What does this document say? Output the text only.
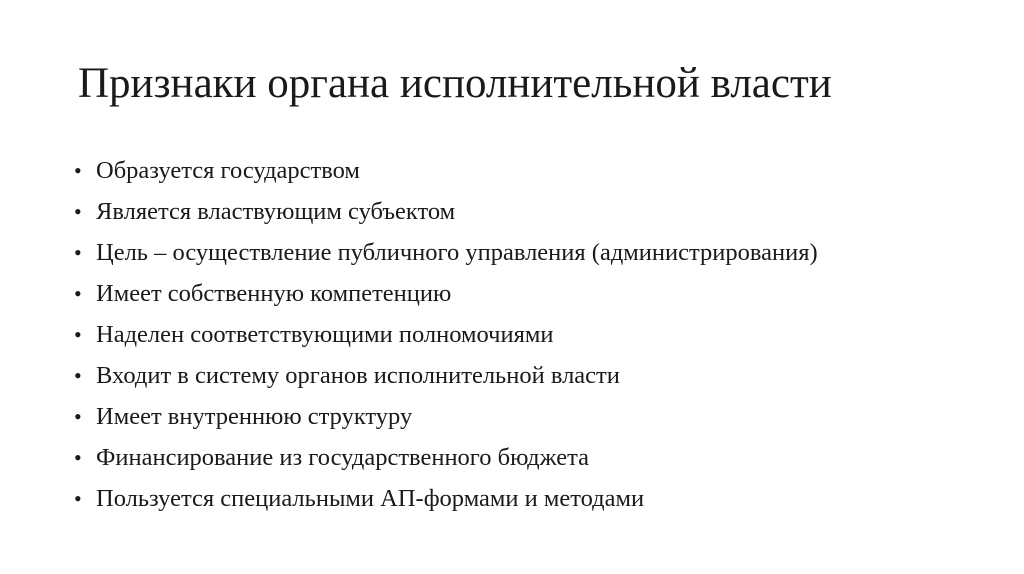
Признаки органа исполнительной власти
• Образуется государством
• Является властвующим субъектом
• Цель – осуществление публичного управления (администрирования)
• Имеет собственную компетенцию
• Наделен соответствующими полномочиями
• Входит в систему органов исполнительной власти
• Имеет внутреннюю структуру
• Финансирование из государственного бюджета
• Пользуется специальными АП-формами и методами
